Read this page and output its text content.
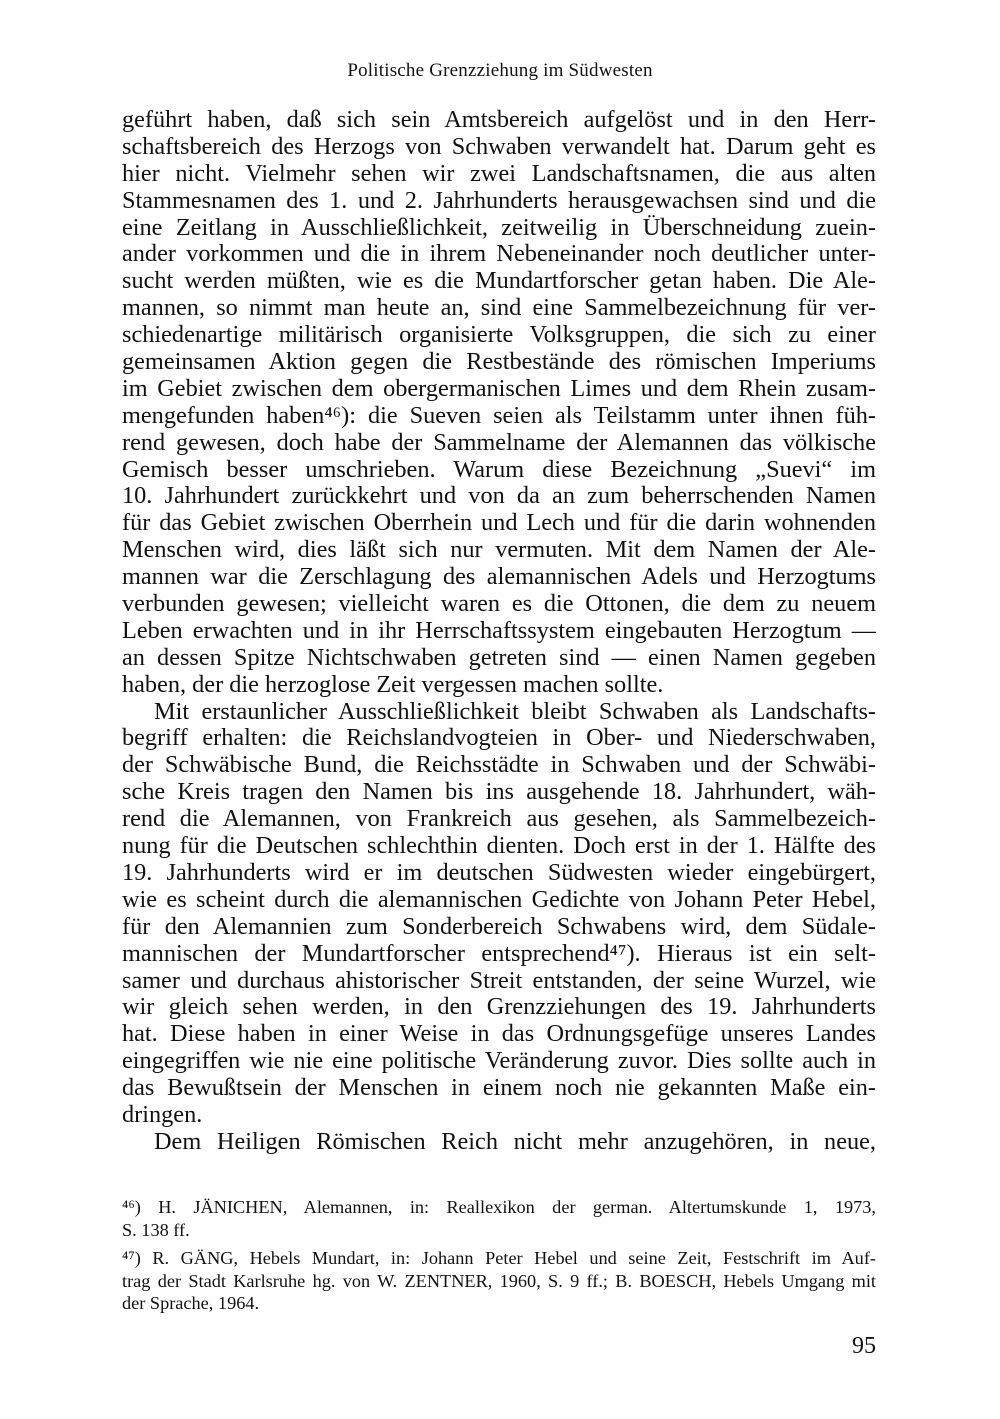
Politische Grenzziehung im Südwesten
geführt haben, daß sich sein Amtsbereich aufgelöst und in den Herr-
schaftsbereich des Herzogs von Schwaben verwandelt hat. Darum geht es
hier nicht. Vielmehr sehen wir zwei Landschaftsnamen, die aus alten
Stammesnamen des 1. und 2. Jahrhunderts herausgewachsen sind und die
eine Zeitlang in Ausschließlichkeit, zeitweilig in Überschneidung zuein-
ander vorkommen und die in ihrem Nebeneinander noch deutlicher unter-
sucht werden müßten, wie es die Mundartforscher getan haben. Die Ale-
mannen, so nimmt man heute an, sind eine Sammelbezeichnung für ver-
schiedenartige militärisch organisierte Volksgruppen, die sich zu einer
gemeinsamen Aktion gegen die Restbestände des römischen Imperiums
im Gebiet zwischen dem obergermanischen Limes und dem Rhein zusam-
mengefunden haben⁴⁶): die Sueven seien als Teilstamm unter ihnen füh-
rend gewesen, doch habe der Sammelname der Alemannen das völkische
Gemisch besser umschrieben. Warum diese Bezeichnung „Suevi“ im
10. Jahrhundert zurückkehrt und von da an zum beherrschenden Namen
für das Gebiet zwischen Oberrhein und Lech und für die darin wohnenden
Menschen wird, dies läßt sich nur vermuten. Mit dem Namen der Ale-
mannen war die Zerschlagung des alemannischen Adels und Herzogtums
verbunden gewesen; vielleicht waren es die Ottonen, die dem zu neuem
Leben erwachten und in ihr Herrschaftssystem eingebauten Herzogtum —
an dessen Spitze Nichtschwaben getreten sind — einen Namen gegeben
haben, der die herzoglose Zeit vergessen machen sollte.
Mit erstaunlicher Ausschließlichkeit bleibt Schwaben als Landschafts-
begriff erhalten: die Reichslandvogteien in Ober- und Niederschwaben,
der Schwäbische Bund, die Reichsstädte in Schwaben und der Schwäbi-
sche Kreis tragen den Namen bis ins ausgehende 18. Jahrhundert, wäh-
rend die Alemannen, von Frankreich aus gesehen, als Sammelbezeich-
nung für die Deutschen schlechthin dienten. Doch erst in der 1. Hälfte des
19. Jahrhunderts wird er im deutschen Südwesten wieder eingebürgert,
wie es scheint durch die alemannischen Gedichte von Johann Peter Hebel,
für den Alemannien zum Sonderbereich Schwabens wird, dem Südale-
mannischen der Mundartforscher entsprechend⁴⁷). Hieraus ist ein selt-
samer und durchaus ahistorischer Streit entstanden, der seine Wurzel, wie
wir gleich sehen werden, in den Grenzziehungen des 19. Jahrhunderts
hat. Diese haben in einer Weise in das Ordnungsgefüge unseres Landes
eingegriffen wie nie eine politische Veränderung zuvor. Dies sollte auch in
das Bewußtsein der Menschen in einem noch nie gekannten Maße ein-
dringen.
Dem Heiligen Römischen Reich nicht mehr anzugehören, in neue,
⁴⁶) H. JÄNICHEN, Alemannen, in: Reallexikon der german. Altertumskunde 1, 1973,
S. 138 ff.
⁴⁷) R. GÄNG, Hebels Mundart, in: Johann Peter Hebel und seine Zeit, Festschrift im Auf-
trag der Stadt Karlsruhe hg. von W. ZENTNER, 1960, S. 9 ff.; B. BOESCH, Hebels Umgang mit
der Sprache, 1964.
95
